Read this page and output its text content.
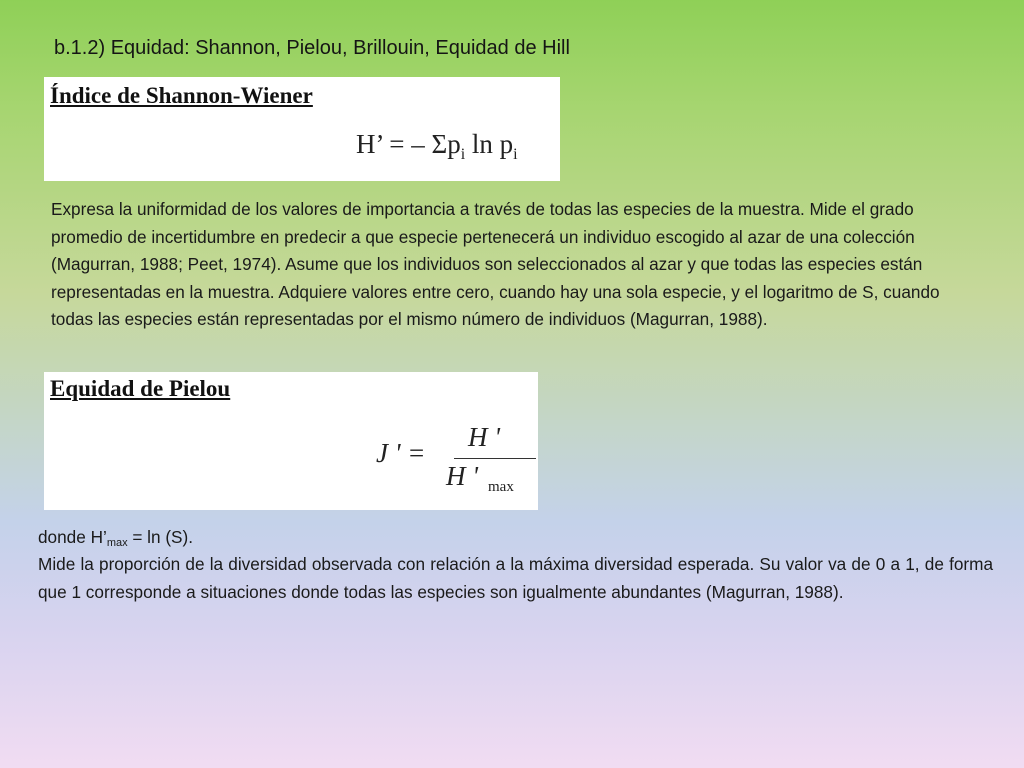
b.1.2) Equidad: Shannon, Pielou, Brillouin, Equidad de Hill
Índice de Shannon-Wiener
H’ = – $\Sigma p_i$ $\ln p_i$
Expresa la uniformidad de los valores de importancia a través de todas las especies de la muestra. Mide el grado promedio de incertidumbre en predecir a que especie pertenecerá un individuo escogido al azar de una colección (Magurran, 1988; Peet, 1974). Asume que los individuos son seleccionados al azar y que todas las especies están representadas en la muestra. Adquiere valores entre cero, cuando hay una sola especie, y el logaritmo de S, cuando todas las especies están representadas por el mismo número de individuos (Magurran, 1988).
Equidad de Pielou
J ' =
H '
H ' max
donde $H’_{max} = \ln (S)$.
Mide la proporción de la diversidad observada con relación a la máxima diversidad esperada. Su valor va de 0 a 1, de forma que 1 corresponde a situaciones donde todas las especies son igualmente abundantes (Magurran, 1988).
